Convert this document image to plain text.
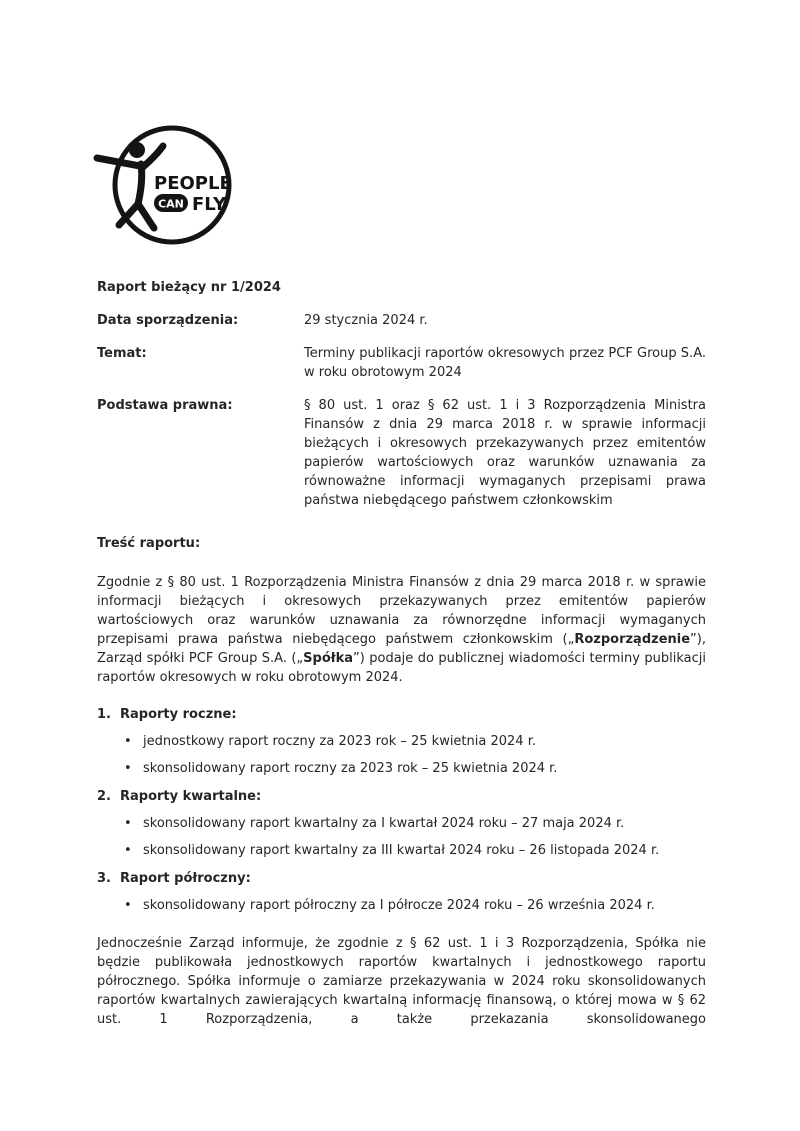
PEOPLE
CAN FLY
Raport bieżący nr 1/2024
Data sporządzenia:	29 stycznia 2024 r.
Temat:	Terminy publikacji raportów okresowych przez PCF Group S.A. w roku obrotowym 2024
Podstawa prawna:	§ 80 ust. 1 oraz § 62 ust. 1 i 3 Rozporządzenia Ministra Finansów z dnia 29 marca 2018 r. w sprawie informacji bieżących i okresowych przekazywanych przez emitentów papierów wartościowych oraz warunków uznawania za równoważne informacji wymaganych przepisami prawa państwa niebędącego państwem członkowskim
Treść raportu:

Zgodnie z § 80 ust. 1 Rozporządzenia Ministra Finansów z dnia 29 marca 2018 r. w sprawie informacji bieżących i okresowych przekazywanych przez emitentów papierów wartościowych oraz warunków uznawania za równorzędne informacji wymaganych przepisami prawa państwa niebędącego państwem członkowskim („Rozporządzenie”), Zarząd spółki PCF Group S.A. („Spółka”) podaje do publicznej wiadomości terminy publikacji raportów okresowych w roku obrotowym 2024.

1. Raporty roczne:
• jednostkowy raport roczny za 2023 rok – 25 kwietnia 2024 r.
• skonsolidowany raport roczny za 2023 rok – 25 kwietnia 2024 r.
2. Raporty kwartalne:
• skonsolidowany raport kwartalny za I kwartał 2024 roku – 27 maja 2024 r.
• skonsolidowany raport kwartalny za III kwartał 2024 roku – 26 listopada 2024 r.
3. Raport półroczny:
• skonsolidowany raport półroczny za I półrocze 2024 roku – 26 września 2024 r.

Jednocześnie Zarząd informuje, że zgodnie z § 62 ust. 1 i 3 Rozporządzenia, Spółka nie będzie publikowała jednostkowych raportów kwartalnych i jednostkowego raportu półrocznego. Spółka informuje o zamiarze przekazywania w 2024 roku skonsolidowanych raportów kwartalnych zawierających kwartalną informację finansową, o której mowa w § 62 ust. 1 Rozporządzenia, a także przekazania skonsolidowanego
